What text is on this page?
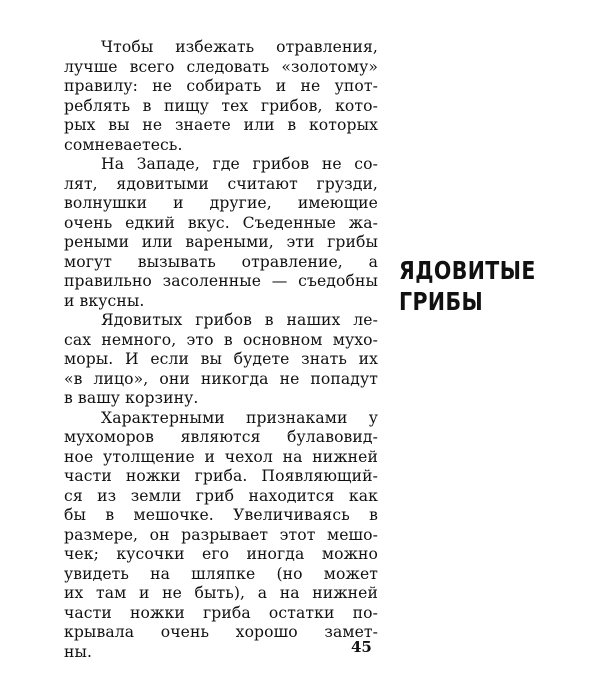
Чтобы избежать отравления,
лучше всего следовать «золотому»
правилу: не собирать и не упот-
реблять в пищу тех грибов, кото-
рых вы не знаете или в которых
сомневаетесь.
На Западе, где грибов не со-
лят, ядовитыми считают грузди,
волнушки и другие, имеющие
очень едкий вкус. Съеденные жа-
реными или вареными, эти грибы
могут вызывать отравление, а
правильно засоленные — съедобны
и вкусны.
Ядовитых грибов в наших ле-
сах немного, это в основном мухо-
моры. И если вы будете знать их
«в лицо», они никогда не попадут
в вашу корзину.
Характерными признаками у
мухоморов являются булавовид-
ное утолщение и чехол на нижней
части ножки гриба. Появляющий-
ся из земли гриб находится как
бы в мешочке. Увеличиваясь в
размере, он разрывает этот мешо-
чек; кусочки его иногда можно
увидеть на шляпке (но может
их там и не быть), а на нижней
части ножки гриба остатки по-
крывала очень хорошо замет-
ны.
ЯДОВИТЫЕ
ГРИБЫ
45
